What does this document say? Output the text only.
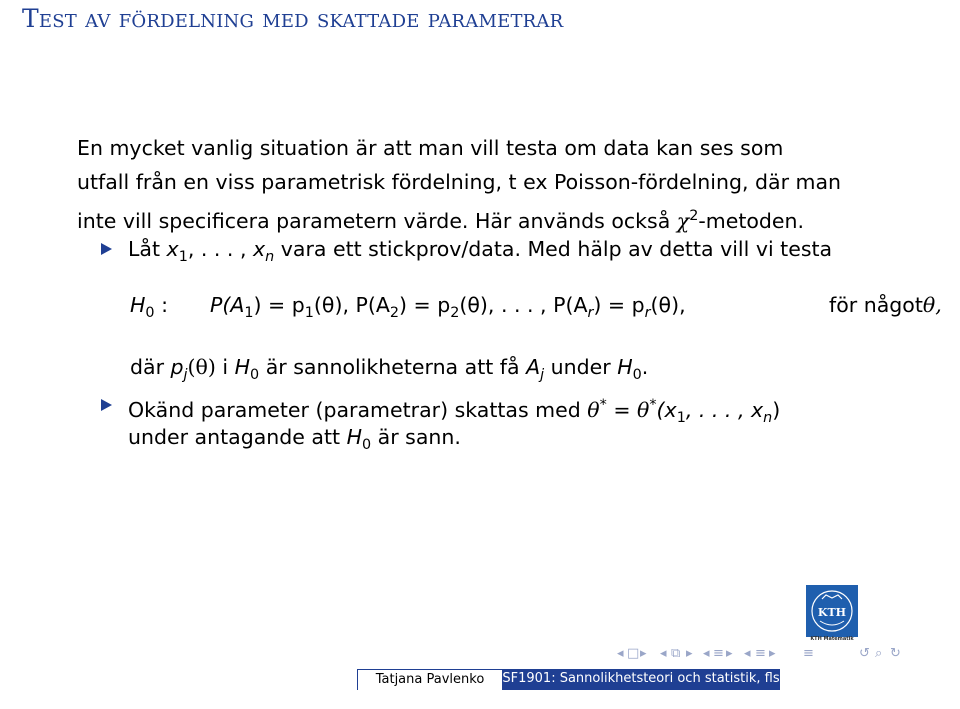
Test av fördelning med skattade parametrar
En mycket vanlig situation är att man vill testa om data kan ses som
utfall från en viss parametrisk fördelning, t ex Poisson-fördelning, där man
inte vill specificera parametern värde. Här används också $\chi^2$-metoden.
Låt $x_1$, . . . , $x_n$ vara ett stickprov/data. Med hälp av detta vill vi testa
$H_0$ : $P(A_1) = p_1(\theta)$, $P(A_2) = p_2(\theta)$, . . . , $P(A_r) = p_r(\theta)$,	för någotθ,
där $p_j(\theta)$ i $H_0$ är sannolikheterna att få $A_j$ under $H_0$.
Okänd parameter (parametrar) skattas med $\theta^* = \theta^*(x_1$, . . . , $x_n$)
under antagande att $H_0$ är sann.
KTH
KTH Matematik
◂ □ ▸ ◂ ⧉ ▸ ◂ ≡ ▸ ◂ ≡ ▸ ≡	↺ ⌕ ↻
Tatjana Pavlenko	SF1901: Sannolikhetsteori och statistik, fls 15
